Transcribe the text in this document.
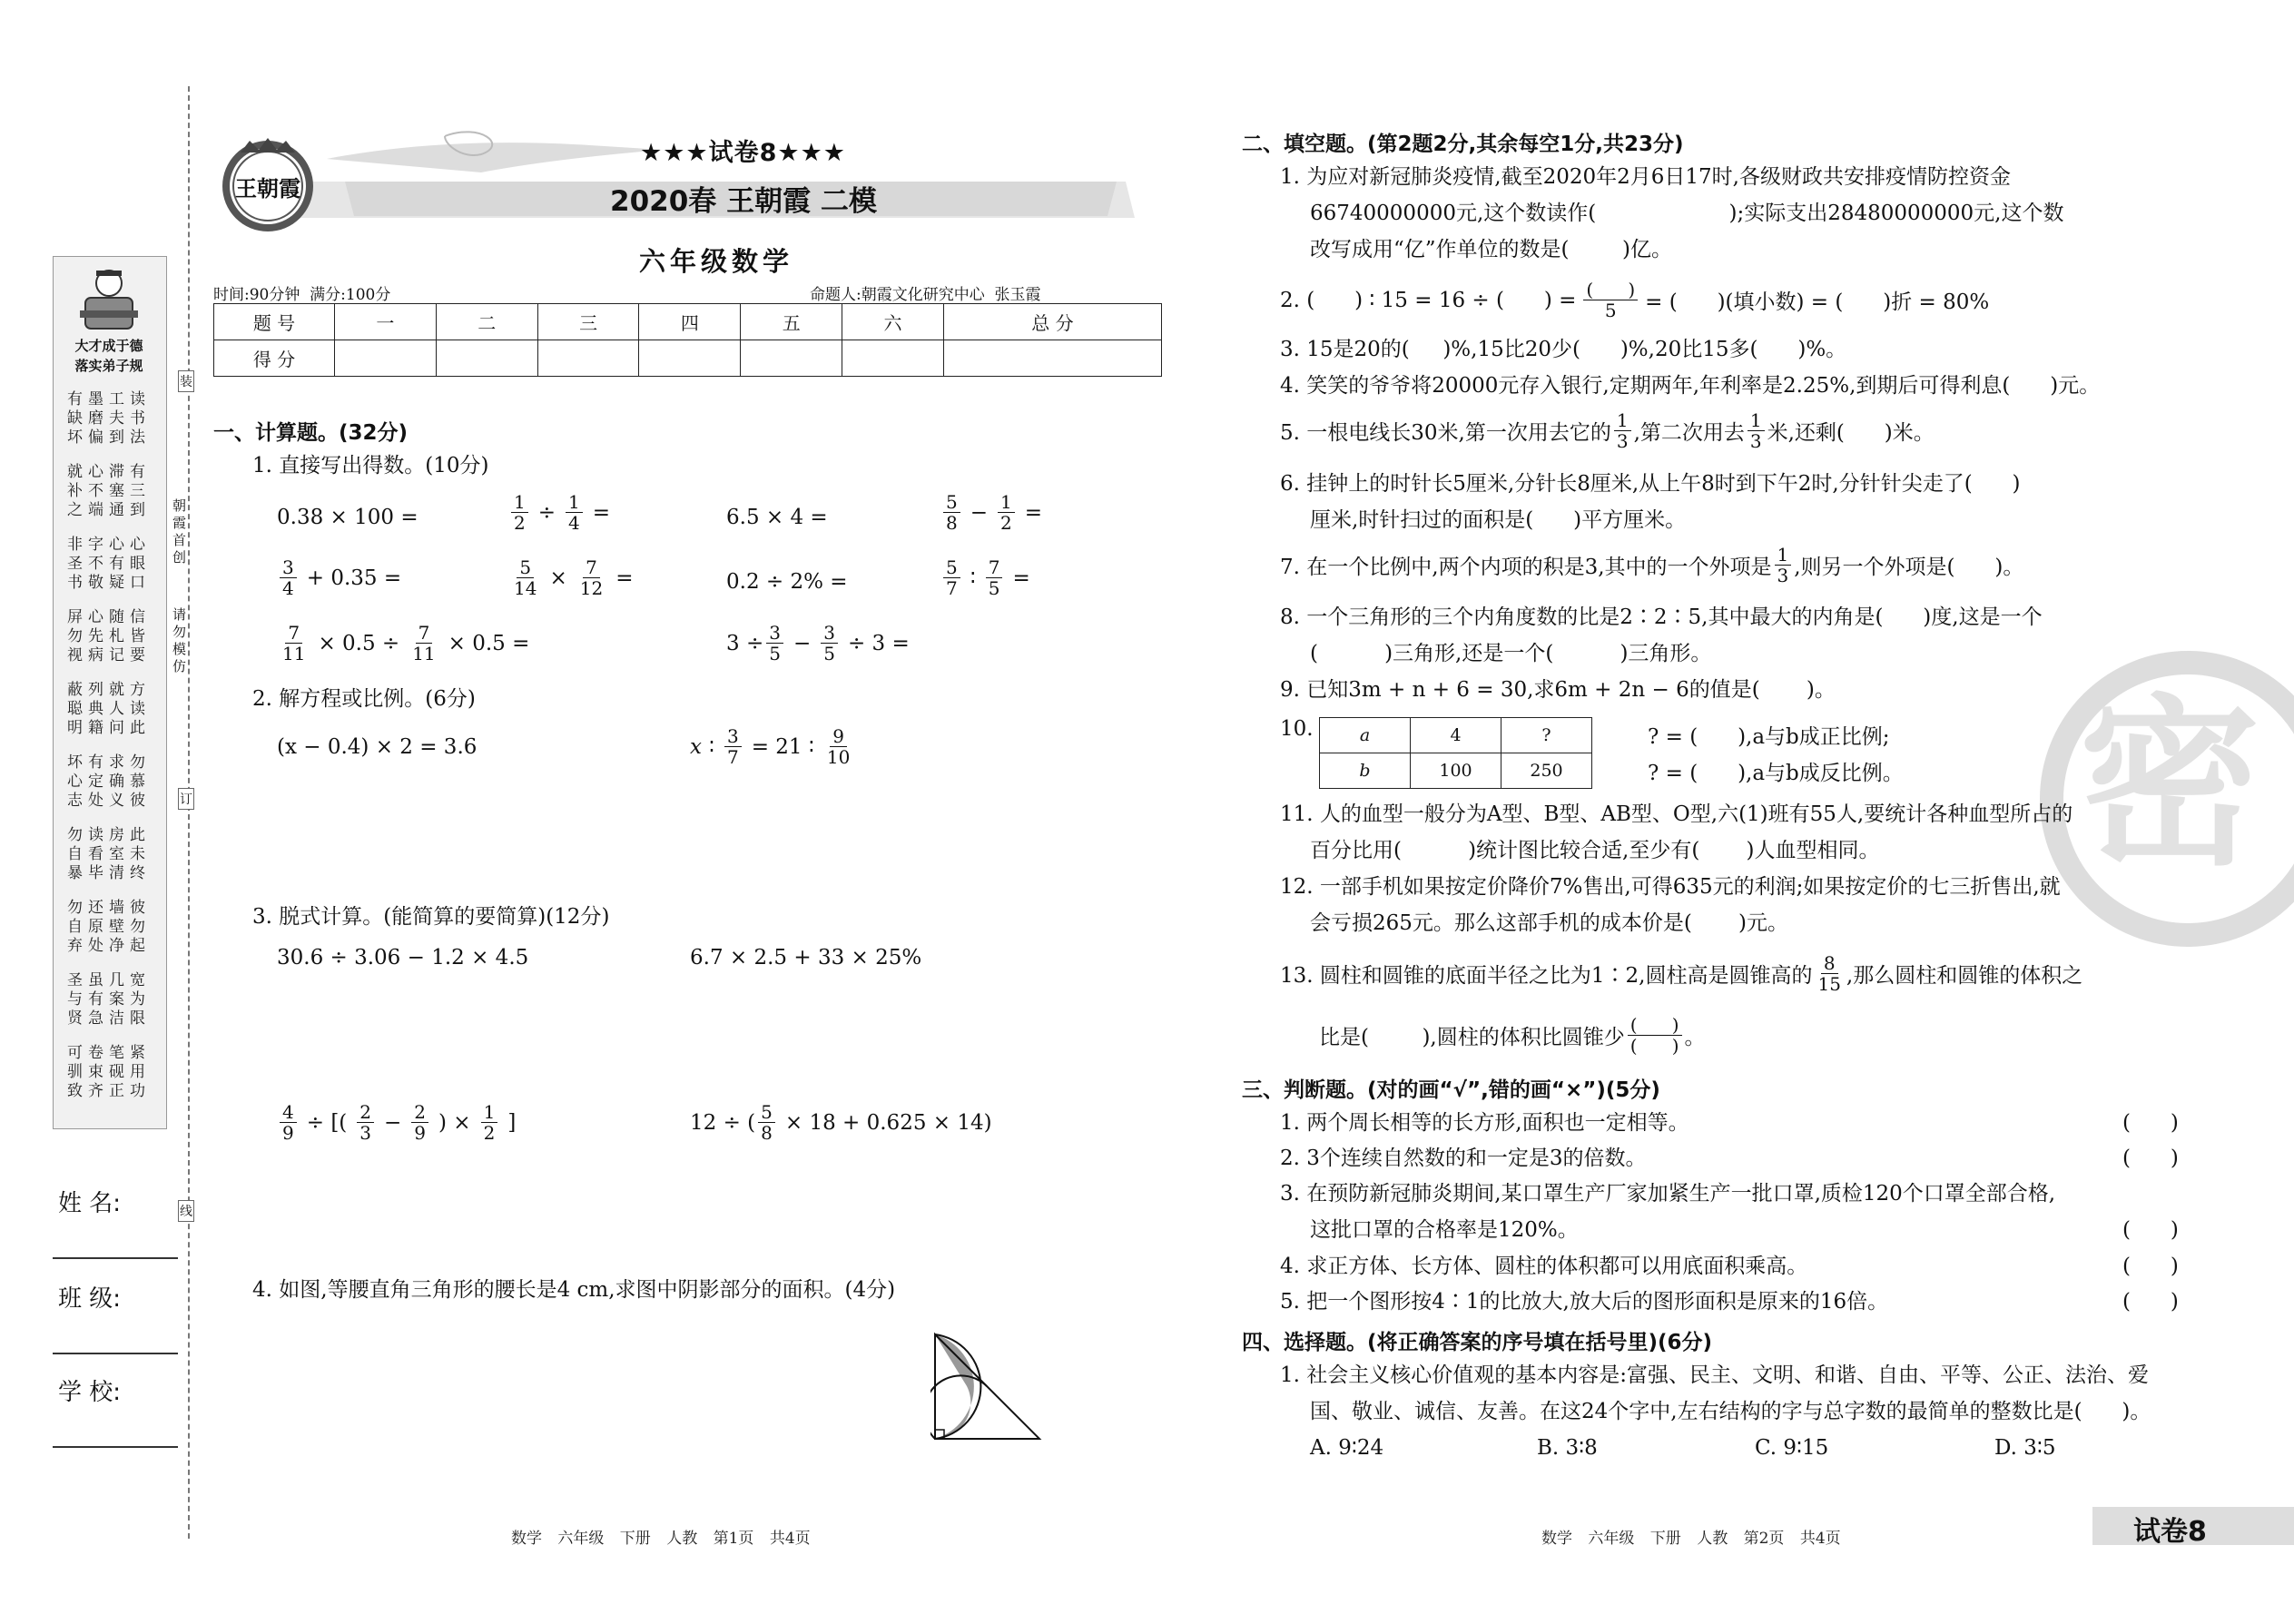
大才成于德
落实弟子规
有墨工读
缺磨夫书
坏偏到法
就心滞有
补不塞三
之端通到
非字心心
圣不有眼
书敬疑口
屏心随信
勿先札皆
视病记要
蔽列就方
聪典人读
明籍问此
坏有求勿
心定确慕
志处义彼
勿读房此
自看室未
暴毕清终
勿还墙彼
自原壁勿
弃处净起
圣虽几宽
与有案为
贤急洁限
可卷笔紧
驯束砚用
致齐正功
朝霞首创
请勿模仿
装
订
线
姓 名:
班 级:
学 校:
王朝霞
★★★试卷8★★★
2020春 王朝霞 二模
六年级数学
时间:90分钟  满分:100分	命题人:朝霞文化研究中心  张玉霞
题 号	一	二	三	四	五	六	总 分
得 分							
一、计算题。(32分)
1. 直接写出得数。(10分)
0.38 × 100 =	$\frac{1}{2} \div \frac{1}{4}$ =	6.5 × 4 =	$\frac{5}{8} - \frac{1}{2}$ =
$\frac{3}{4} + 0.35$ =	$\frac{5}{14} \times \frac{7}{12}$ =	0.2 ÷ 2% =	$\frac{5}{7}$ ∶ $\frac{7}{5}$ =
$\frac{7}{11} \times 0.5 \div \frac{7}{11} \times 0.5$ =	$3 \div \frac{3}{5} - \frac{3}{5} \div 3$ =
2. 解方程或比例。(6分)
(x − 0.4) × 2 = 3.6	x ∶ $\frac{3}{7} = 21$ ∶ $\frac{9}{10}$
3. 脱式计算。(能简算的要简算)(12分)
30.6 ÷ 3.06 − 1.2 × 4.5	6.7 × 2.5 + 33 × 25%
$\frac{4}{9}$ ÷ [( $\frac{2}{3} - \frac{2}{9}$ ) × $\frac{1}{2}$ ]	12 ÷ ( $\frac{5}{8} \times 18 + 0.625 \times 14$)
4. 如图,等腰直角三角形的腰长是4 cm,求图中阴影部分的面积。(4分)
数学 六年级 下册 人教 第1页 共4页
密
二、填空题。(第2题2分,其余每空1分,共23分)
1. 为应对新冠肺炎疫情,截至2020年2月6日17时,各级财政共安排疫情防控资金
66740000000元,这个数读作(                    );实际支出28480000000元,这个数
改写成用“亿”作单位的数是(        )亿。
2. (      ) ∶ 15 = 16 ÷ (      ) = $\frac{( )}{5}$ = (      )(填小数) = (      )折 = 80%
3. 15是20的(     )%,15比20少(      )%,20比15多(      )%。
4. 笑笑的爷爷将20000元存入银行,定期两年,年利率是2.25%,到期后可得利息(      )元。
5. 一根电线长30米,第一次用去它的 $\frac{1}{3}$ ,第二次用去 $\frac{1}{3}$ 米,还剩(      )米。
6. 挂钟上的时针长5厘米,分针长8厘米,从上午8时到下午2时,分针针尖走了(      )
厘米,时针扫过的面积是(      )平方厘米。
7. 在一个比例中,两个内项的积是3,其中的一个外项是 $\frac{1}{3}$ ,则另一个外项是(      )。
8. 一个三角形的三个内角度数的比是2∶2∶5,其中最大的内角是(      )度,这是一个
(          )三角形,还是一个(          )三角形。
9. 已知3m + n + 6 = 30,求6m + 2n − 6的值是(       )。
10.	a	4	?
b	100	250
? = (      ),a与b成正比例;
? = (      ),a与b成反比例。
11. 人的血型一般分为A型、B型、AB型、O型,六(1)班有55人,要统计各种血型所占的
百分比用(          )统计图比较合适,至少有(       )人血型相同。
12. 一部手机如果按定价降价7%售出,可得635元的利润;如果按定价的七三折售出,就
会亏损265元。那么这部手机的成本价是(       )元。
13. 圆柱和圆锥的底面半径之比为1∶2,圆柱高是圆锥高的 $\frac{8}{15}$ ,那么圆柱和圆锥的体积之
比是(        ),圆柱的体积比圆锥少 $\frac{( )}{( )}$ 。
三、判断题。(对的画“√”,错的画“×”)(5分)
1. 两个周长相等的长方形,面积也一定相等。
2. 3个连续自然数的和一定是3的倍数。
3. 在预防新冠肺炎期间,某口罩生产厂家加紧生产一批口罩,质检120个口罩全部合格,
这批口罩的合格率是120%。
4. 求正方体、长方体、圆柱的体积都可以用底面积乘高。
5. 把一个图形按4∶1的比放大,放大后的图形面积是原来的16倍。
(      )
(      )
(      )
(      )
(      )
四、选择题。(将正确答案的序号填在括号里)(6分)
1. 社会主义核心价值观的基本内容是:富强、民主、文明、和谐、自由、平等、公正、法治、爱
国、敬业、诚信、友善。在这24个字中,左右结构的字与总字数的最简单的整数比是(      )。
A. 9∶24	B. 3∶8	C. 9∶15	D. 3∶5
数学 六年级 下册 人教 第2页 共4页	试卷8
